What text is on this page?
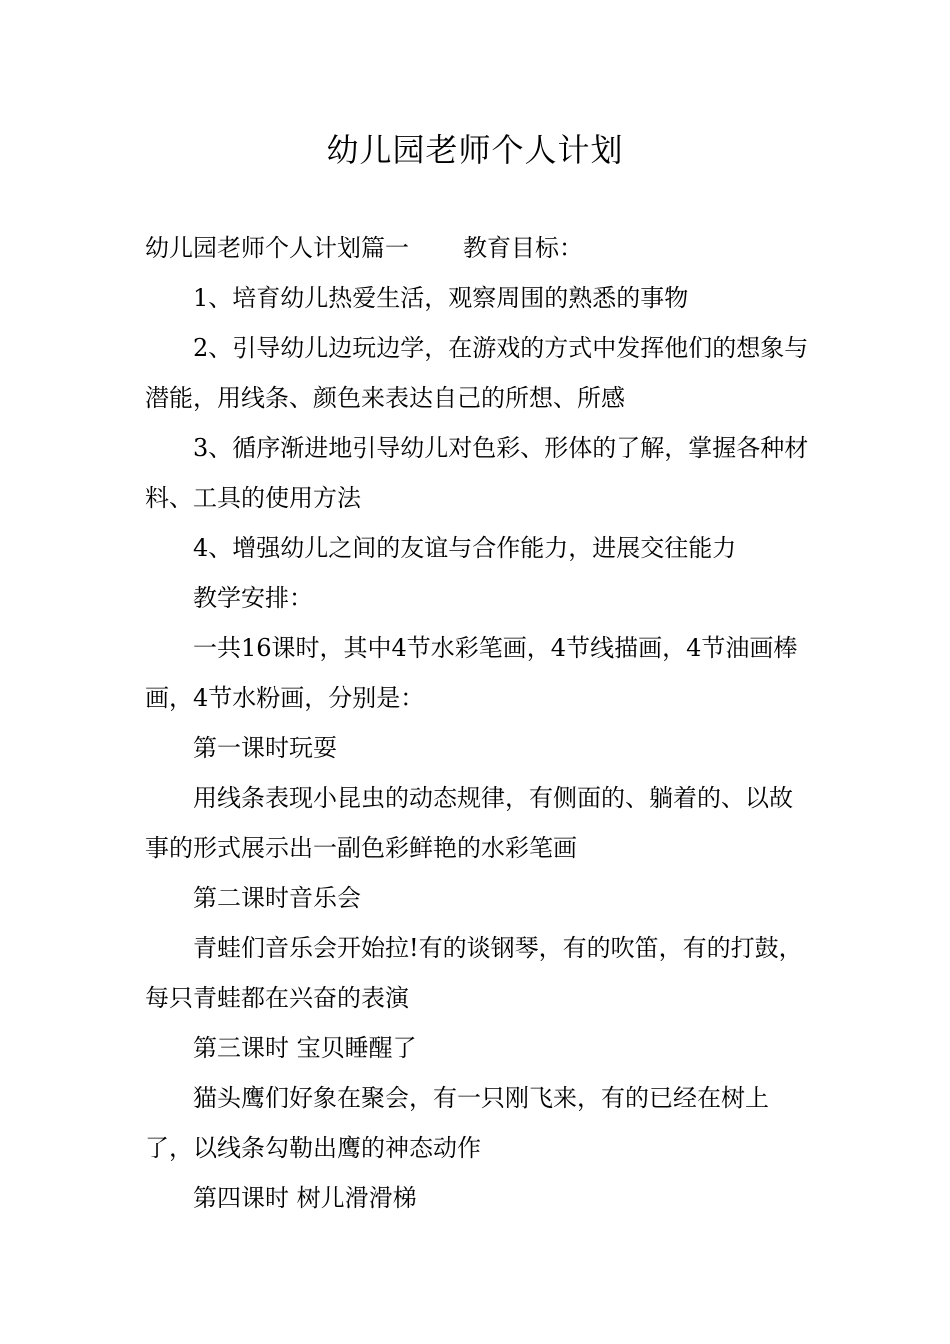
幼儿园老师个人计划

幼儿园老师个人计划篇一 教育目标：

1、培育幼儿热爱生活，观察周围的熟悉的事物

2、引导幼儿边玩边学，在游戏的方式中发挥他们的想象与潜能，用线条、颜色来表达自己的所想、所感

3、循序渐进地引导幼儿对色彩、形体的了解，掌握各种材料、工具的使用方法

4、增强幼儿之间的友谊与合作能力，进展交往能力

教学安排：

一共16课时，其中4节水彩笔画，4节线描画，4节油画棒画，4节水粉画，分别是：

第一课时玩耍

用线条表现小昆虫的动态规律，有侧面的、躺着的、以故事的形式展示出一副色彩鲜艳的水彩笔画

第二课时音乐会

青蛙们音乐会开始拉!有的谈钢琴，有的吹笛，有的打鼓，每只青蛙都在兴奋的表演

第三课时 宝贝睡醒了

猫头鹰们好象在聚会，有一只刚飞来，有的已经在树上了，以线条勾勒出鹰的神态动作

第四课时 树儿滑滑梯
